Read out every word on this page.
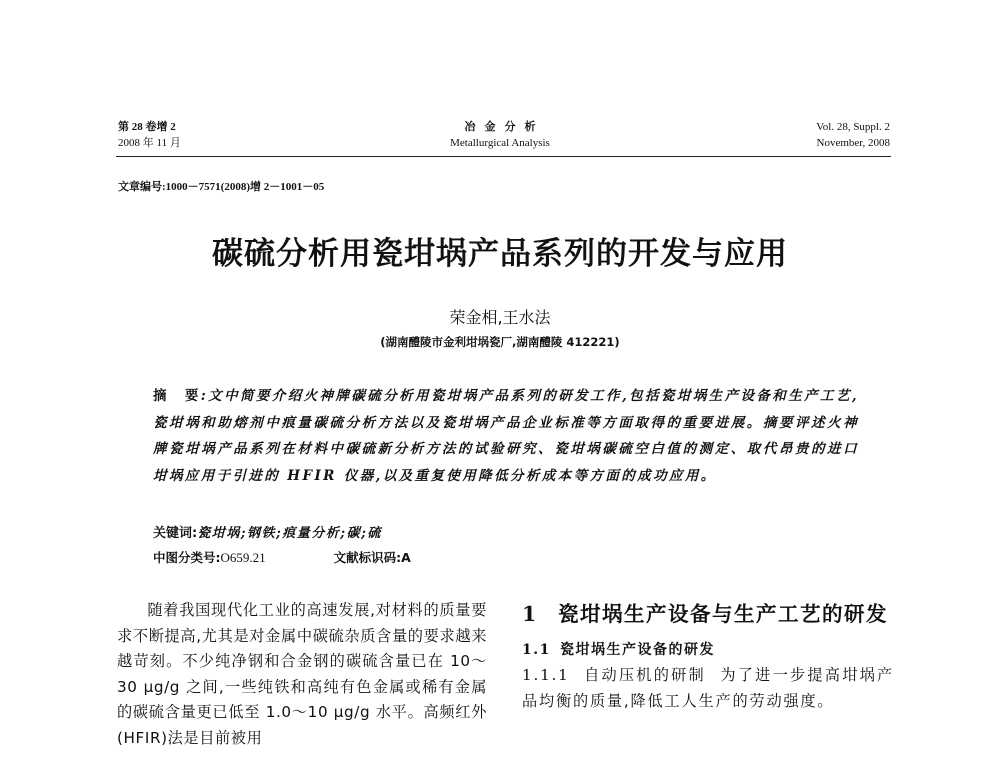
第 28 卷增 2
2008 年 11 月
冶金分析
Metallurgical Analysis
Vol. 28, Suppl. 2
November, 2008
文章编号:1000－7571(2008)增 2－1001－05
碳硫分析用瓷坩埚产品系列的开发与应用
荣金相,王水法
(湖南醴陵市金利坩埚瓷厂,湖南醴陵 412221)
摘　要:文中简要介绍火神牌碳硫分析用瓷坩埚产品系列的研发工作,包括瓷坩埚生产设备和生产工艺,瓷坩埚和助熔剂中痕量碳硫分析方法以及瓷坩埚产品企业标准等方面取得的重要进展。摘要评述火神牌瓷坩埚产品系列在材料中碳硫新分析方法的试验研究、瓷坩埚碳硫空白值的测定、取代昂贵的进口坩埚应用于引进的 HFIR 仪器,以及重复使用降低分析成本等方面的成功应用。
关键词:瓷坩埚;钢铁;痕量分析;碳;硫
中图分类号:O659.21	文献标识码:A

随着我国现代化工业的高速发展,对材料的质量要求不断提高,尤其是对金属中碳硫杂质含量的要求越来越苛刻。不少纯净钢和合金钢的碳硫含量已在 10～30 μg/g 之间,一些纯铁和高纯有色金属或稀有金属的碳硫含量更已低至 1.0～10 μg/g 水平。高频红外(HFIR)法是目前被用

1 瓷坩埚生产设备与生产工艺的研发
1.1 瓷坩埚生产设备的研发
1.1.1 自动压机的研制 为了进一步提高坩埚产品均衡的质量,降低工人生产的劳动强度。
